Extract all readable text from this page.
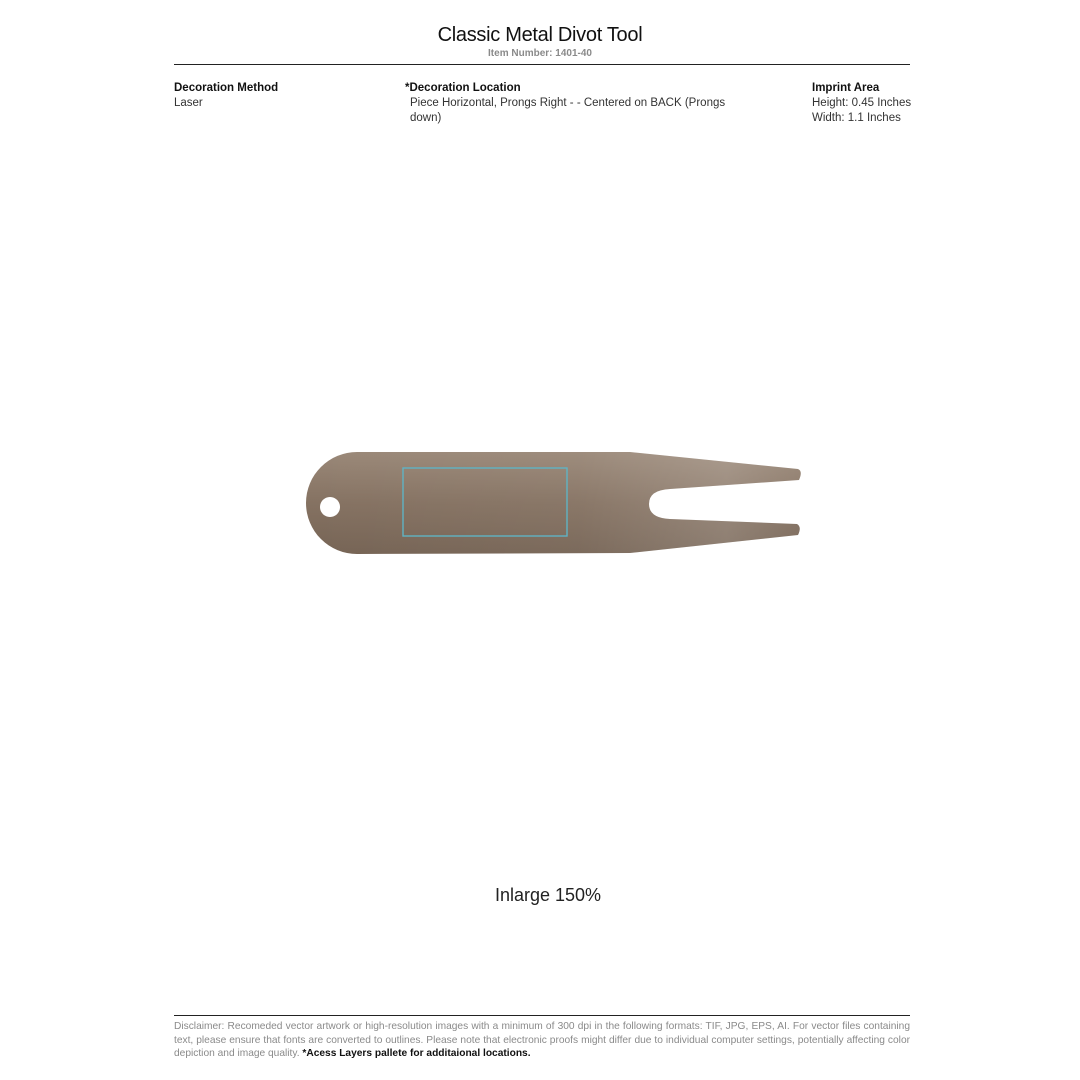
Classic Metal Divot Tool
Item Number: 1401-40
Decoration Method
Laser
*Decoration Location
Piece Horizontal, Prongs Right - - Centered on BACK (Prongs down)
Imprint Area
Height: 0.45 Inches
Width: 1.1 Inches
Inlarge 150%
Disclaimer: Recomeded vector artwork or high-resolution images with a minimum of 300 dpi in the following formats: TIF, JPG, EPS, AI. For vector files containing text, please ensure that fonts are converted to outlines. Please note that electronic proofs might differ due to individual computer settings, potentially affecting color depiction and image quality. *Acess Layers pallete for additaional locations.
